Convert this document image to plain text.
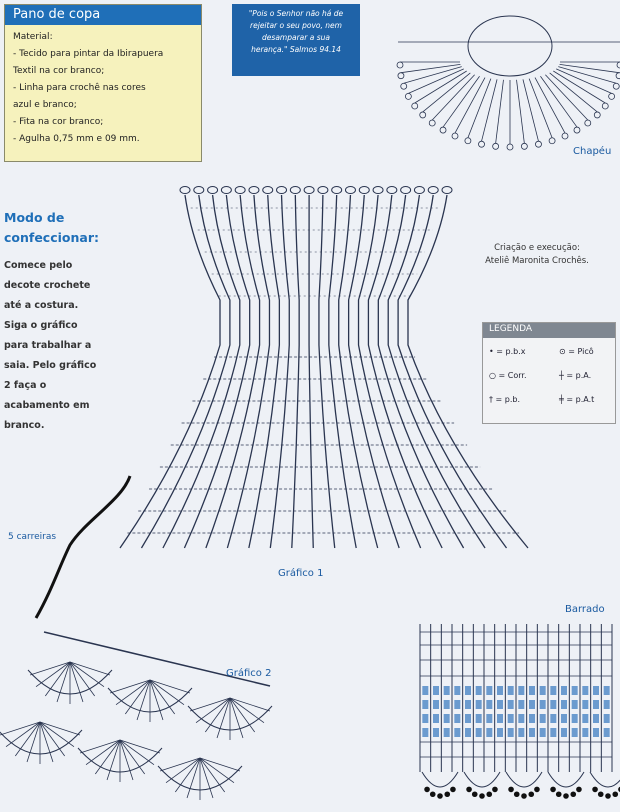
Pano de copa
Material:
- Tecido para pintar da Ibirapuera
Textil na cor branco;
- Linha para crochê nas cores
azul e branco;
- Fita na cor branco;
- Agulha 0,75 mm e 09 mm.
"Pois o Senhor não há de
rejeitar o seu povo, nem
desamparar a sua
herança." Salmos 94.14
Chapéu
Gráfico 1
Gráfico 2
Barrado
5 carreiras
Modo de
confeccionar:
Comece pelo
decote crochete
até a costura.
Siga o gráfico
para trabalhar a
saia. Pelo gráfico
2 faça o
acabamento em
branco.
Criação e execução:
Ateliê Maronita Crochês.
LEGENDA
• = p.b.x	⊙ = Picô
○ = Corr.	┼ = p.A.
† = p.b.	╪ = p.A.t
